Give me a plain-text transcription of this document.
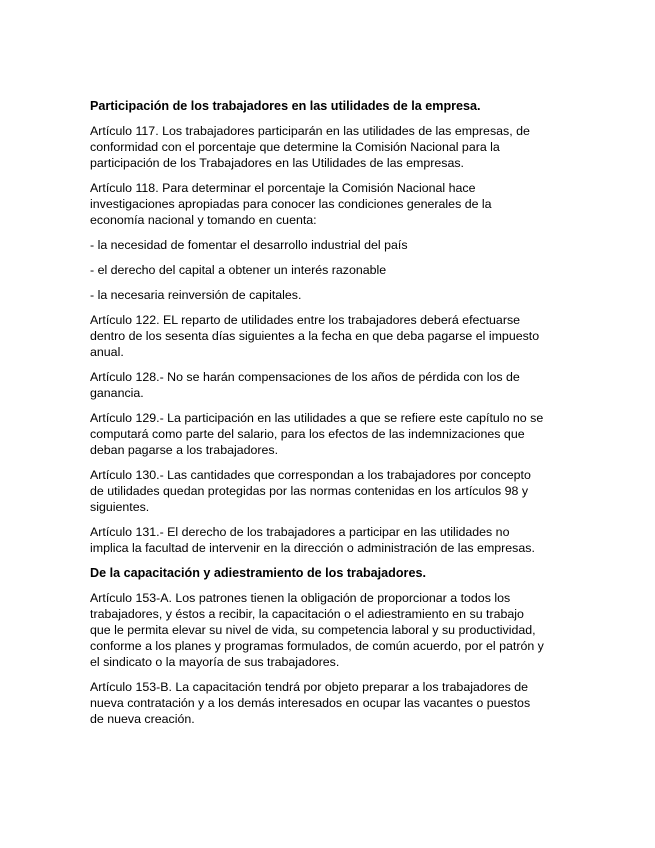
Participación de los trabajadores en las utilidades de la empresa.
Artículo 117. Los trabajadores participarán en las utilidades de las empresas, de
conformidad con el porcentaje que determine la Comisión Nacional para la
participación de los Trabajadores en las Utilidades de las empresas.
Artículo 118. Para determinar el porcentaje la Comisión Nacional hace
investigaciones apropiadas para conocer las condiciones generales de la
economía nacional y tomando en cuenta:
- la necesidad de fomentar el desarrollo industrial del país
- el derecho del capital a obtener un interés razonable
- la necesaria reinversión de capitales.
Artículo 122. EL reparto de utilidades entre los trabajadores deberá efectuarse
dentro de los sesenta días siguientes a la fecha en que deba pagarse el impuesto
anual.
Artículo 128.- No se harán compensaciones de los años de pérdida con los de
ganancia.
Artículo 129.- La participación en las utilidades a que se refiere este capítulo no se
computará como parte del salario, para los efectos de las indemnizaciones que
deban pagarse a los trabajadores.
Artículo 130.- Las cantidades que correspondan a los trabajadores por concepto
de utilidades quedan protegidas por las normas contenidas en los artículos 98 y
siguientes.
Artículo 131.- El derecho de los trabajadores a participar en las utilidades no
implica la facultad de intervenir en la dirección o administración de las empresas.
De la capacitación y adiestramiento de los trabajadores.
Artículo 153-A. Los patrones tienen la obligación de proporcionar a todos los
trabajadores, y éstos a recibir, la capacitación o el adiestramiento en su trabajo
que le permita elevar su nivel de vida, su competencia laboral y su productividad,
conforme a los planes y programas formulados, de común acuerdo, por el patrón y
el sindicato o la mayoría de sus trabajadores.
Artículo 153-B. La capacitación tendrá por objeto preparar a los trabajadores de
nueva contratación y a los demás interesados en ocupar las vacantes o puestos
de nueva creación.
